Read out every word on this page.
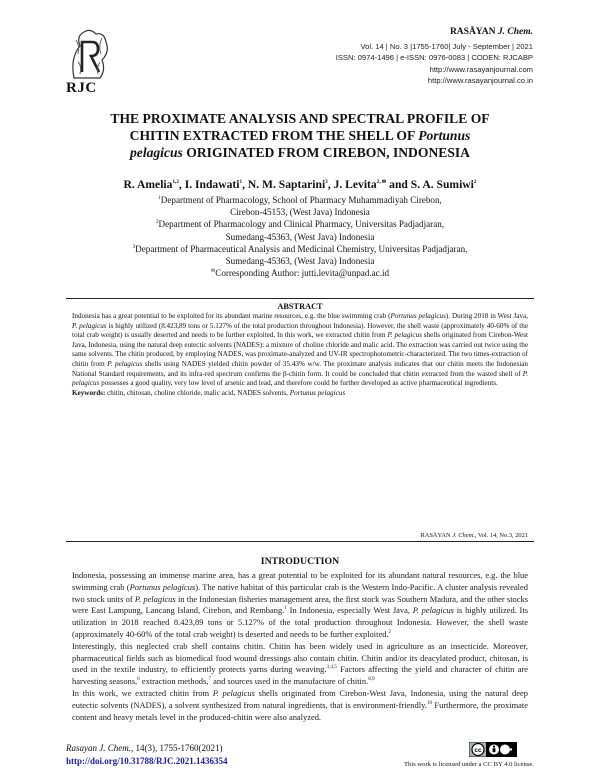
RJC
RASĀYAN J. Chem.
Vol. 14 | No. 3 |1755-1760| July - September | 2021
ISSN: 0974-1496 | e-ISSN: 0976-0083 | CODEN: RJCABP
http://www.rasayanjournal.com
http://www.rasayanjournal.co.in
THE PROXIMATE ANALYSIS AND SPECTRAL PROFILE OF
CHITIN EXTRACTED FROM THE SHELL OF Portunus
pelagicus ORIGINATED FROM CIREBON, INDONESIA
R. Amelia$^{1,2}$, I. Indawati$^1$, N. M. Saptarini$^3$, J. Levita$^{2, ✉}$ and S. A. Sumiwi$^2$
$^1$Department of Pharmacology, School of Pharmacy Muhammadiyah Cirebon,
Cirebon-45153, (West Java) Indonesia
$^2$Department of Pharmacology and Clinical Pharmacy, Universitas Padjadjaran,
Sumedang-45363, (West Java) Indonesia
$^3$Department of Pharmaceutical Analysis and Medicinal Chemistry, Universitas Padjadjaran,
Sumedang-45363, (West Java) Indonesia
✉Corresponding Author: jutti.levita@unpad.ac.id
ABSTRACT

Indonesia has a great potential to be exploited for its abundant marine resources, e.g. the blue swimming crab (Portunus pelagicus). During 2018 in West Java, P. pelagicus is highly utilized (8.423,89 tons or 5.127% of the total production throughout Indonesia). However, the shell waste (approximately 40-60% of the total crab weight) is usually deserted and needs to be further exploited. In this work, we extracted chitin from P. pelagicus shells originated from Cirebon-West Java, Indonesia, using the natural deep eutectic solvents (NADES): a mixture of choline chloride and malic acid. The extraction was carried out twice using the same solvents. The chitin produced, by employing NADES, was proximate-analyzed and UV-IR spectrophotometric-characterized. The two times-extraction of chitin from P. pelagicus shells using NADES yielded chitin powder of 35.43% w/w. The proximate analysis indicates that our chitin meets the Indonesian National Standard requirements, and its infra-red spectrum confirms the β-chitin form. It could be concluded that chitin extracted from the wasted shell of P. pelagicus possesses a good quality, very low level of arsenic and lead, and therefore could be further developed as active pharmaceutical ingredients.

Keywords: chitin, chitosan, choline chloride, malic acid, NADES solvents, Portunus pelagicus

RASĀYAN J. Chem., Vol. 14, No.3, 2021
INTRODUCTION

Indonesia, possessing an immense marine area, has a great potential to be exploited for its abundant natural resources, e.g. the blue swimming crab (Portunus pelagicus). The native habitat of this particular crab is the Western Indo-Pacific. A cluster analysis revealed two stock units of P. pelagicus in the Indonesian fisheries management area, the first stock was Southern Madura, and the other stocks were East Lampung, Lancang Island, Cirebon, and Rembang.$^1$ In Indonesia, especially West Java, P. pelagicus is highly utilized. Its utilization in 2018 reached 8.423,89 tons or 5.127% of the total production throughout Indonesia. However, the shell waste (approximately 40-60% of the total crab weight) is deserted and needs to be further exploited.$^2$

Interestingly, this neglected crab shell contains chitin. Chitin has been widely used in agriculture as an insecticide. Moreover, pharmaceutical fields such as biomedical food wound dressings also contain chitin. Chitin and/or its deacylated product, chitosan, is used in the textile industry, to efficiently protects yarns during weaving.$^{3,4,5}$ Factors affecting the yield and character of chitin are harvesting seasons,$^6$ extraction methods,$^7$ and sources used in the manufacture of chitin.$^{8,9}$

In this work, we extracted chitin from P. pelagicus shells originated from Cirebon-West Java, Indonesia, using the natural deep eutectic solvents (NADES), a solvent synthesized from natural ingredients, that is environment-friendly.$^{10}$ Furthermore, the proximate content and heavy metals level in the produced-chitin were also analyzed.

Rasayan J. Chem., 14(3), 1755-1760(2021)
http://doi.org/10.31788/RJC.2021.1436354
cc
This work is licensed under a CC BY 4.0 license.
